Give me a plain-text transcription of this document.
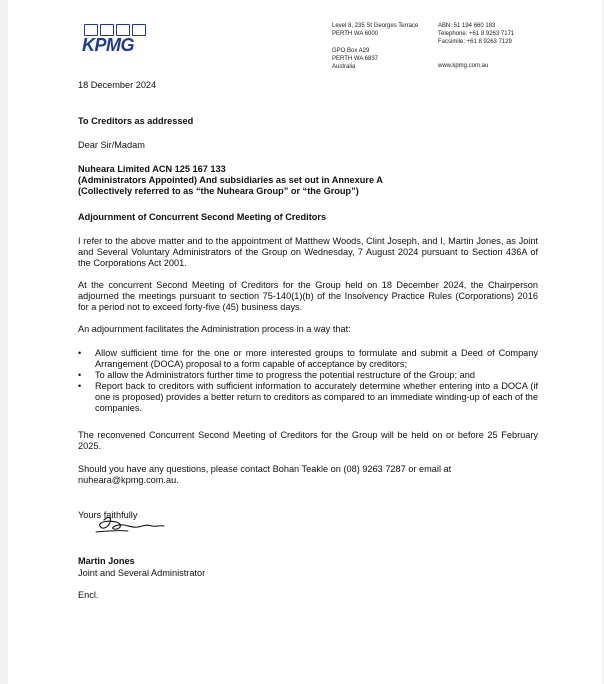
KPMG
Level 8, 235 St Georges Terrace
PERTH WA 6000
GPO Box A29
PERTH WA 6837
Australia
ABN: 51 194 660 183
Telephone: +61 8 9263 7171
Facsimile: +61 8 9263 7129
www.kpmg.com.au
18 December 2024
To Creditors as addressed
Dear Sir/Madam
Nuheara Limited ACN 125 167 133
(Administrators Appointed) And subsidiaries as set out in Annexure A
(Collectively referred to as “the Nuheara Group” or “the Group”)
Adjournment of Concurrent Second Meeting of Creditors
I refer to the above matter and to the appointment of Matthew Woods, Clint Joseph, and I, Martin Jones, as Joint and Several Voluntary Administrators of the Group on Wednesday, 7 August 2024 pursuant to Section 436A of the Corporations Act 2001.
At the concurrent Second Meeting of Creditors for the Group held on 18 December 2024, the Chairperson adjourned the meetings pursuant to section 75-140(1)(b) of the Insolvency Practice Rules (Corporations) 2016 for a period not to exceed forty-five (45) business days.
An adjournment facilitates the Administration process in a way that:
• Allow sufficient time for the one or more interested groups to formulate and submit a Deed of Company Arrangement (DOCA) proposal to a form capable of acceptance by creditors;
• To allow the Administrators further time to progress the potential restructure of the Group; and
• Report back to creditors with sufficient information to accurately determine whether entering into a DOCA (if one is proposed) provides a better return to creditors as compared to an immediate winding-up of each of the companies.
The reconvened Concurrent Second Meeting of Creditors for the Group will be held on or before 25 February 2025.
Should you have any questions, please contact Bohan Teakle on (08) 9263 7287 or email at
nuheara@kpmg.com.au.
Yours faithfully
Martin Jones
Joint and Several Administrator
Encl.
